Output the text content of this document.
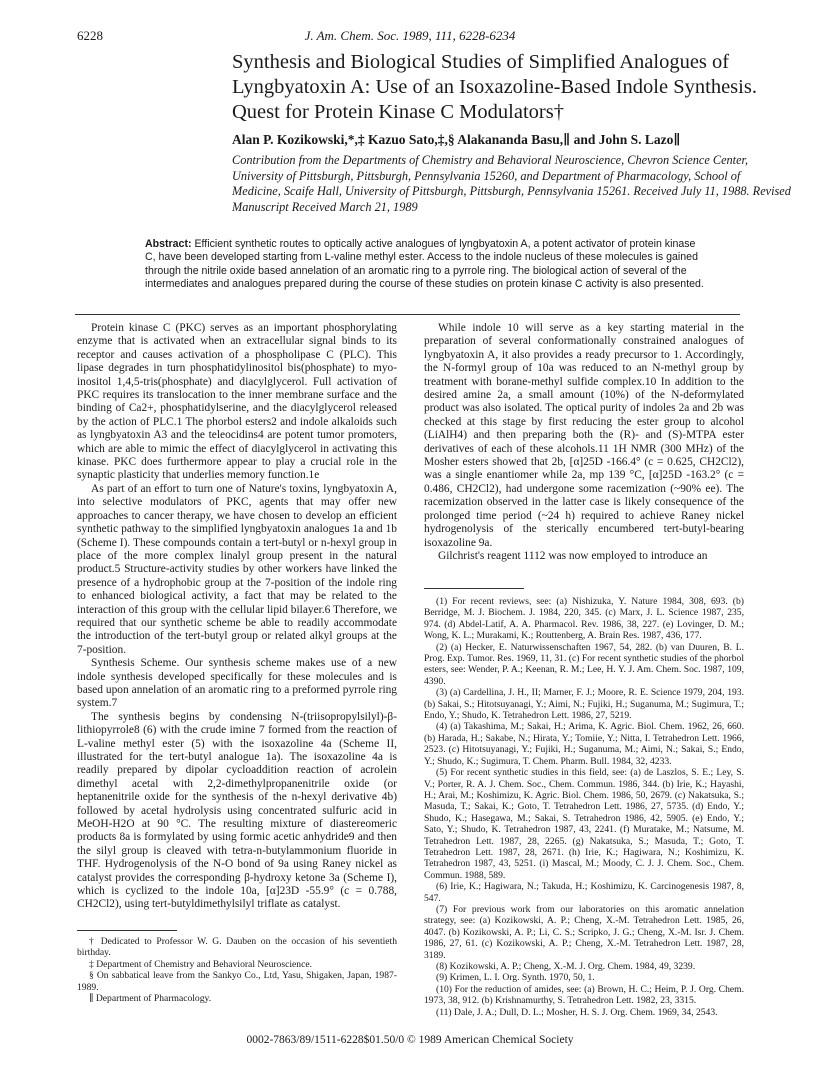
6228	J. Am. Chem. Soc. 1989, 111, 6228-6234
Synthesis and Biological Studies of Simplified Analogues of Lyngbyatoxin A: Use of an Isoxazoline-Based Indole Synthesis. Quest for Protein Kinase C Modulators†
Alan P. Kozikowski,*,‡ Kazuo Sato,‡,§ Alakananda Basu,∥ and John S. Lazo∥
Contribution from the Departments of Chemistry and Behavioral Neuroscience, Chevron Science Center, University of Pittsburgh, Pittsburgh, Pennsylvania 15260, and Department of Pharmacology, School of Medicine, Scaife Hall, University of Pittsburgh, Pittsburgh, Pennsylvania 15261. Received July 11, 1988. Revised Manuscript Received March 21, 1989
Abstract: Efficient synthetic routes to optically active analogues of lyngbyatoxin A, a potent activator of protein kinase C, have been developed starting from L-valine methyl ester. Access to the indole nucleus of these molecules is gained through the nitrile oxide based annelation of an aromatic ring to a pyrrole ring. The biological action of several of the intermediates and analogues prepared during the course of these studies on protein kinase C activity is also presented.

Protein kinase C (PKC) serves as an important phosphorylating enzyme that is activated when an extracellular signal binds to its receptor and causes activation of a phospholipase C (PLC). This lipase degrades in turn phosphatidylinositol bis(phosphate) to myo-inositol 1,4,5-tris(phosphate) and diacylglycerol. Full activation of PKC requires its translocation to the inner membrane surface and the binding of Ca2+, phosphatidylserine, and the diacylglycerol released by the action of PLC.1 The phorbol esters2 and indole alkaloids such as lyngbyatoxin A3 and the teleocidins4 are potent tumor promoters, which are able to mimic the effect of diacylglycerol in activating this kinase. PKC does furthermore appear to play a crucial role in the synaptic plasticity that underlies memory function.1e

As part of an effort to turn one of Nature's toxins, lyngbyatoxin A, into selective modulators of PKC, agents that may offer new approaches to cancer therapy, we have chosen to develop an efficient synthetic pathway to the simplified lyngbyatoxin analogues 1a and 1b (Scheme I). These compounds contain a tert-butyl or n-hexyl group in place of the more complex linalyl group present in the natural product.5 Structure-activity studies by other workers have linked the presence of a hydrophobic group at the 7-position of the indole ring to enhanced biological activity, a fact that may be related to the interaction of this group with the cellular lipid bilayer.6 Therefore, we required that our synthetic scheme be able to readily accommodate the introduction of the tert-butyl group or related alkyl groups at the 7-position.

Synthesis Scheme. Our synthesis scheme makes use of a new indole synthesis developed specifically for these molecules and is based upon annelation of an aromatic ring to a preformed pyrrole ring system.7

The synthesis begins by condensing N-(triisopropylsilyl)-β-lithiopyrrole8 (6) with the crude imine 7 formed from the reaction of L-valine methyl ester (5) with the isoxazoline 4a (Scheme II, illustrated for the tert-butyl analogue 1a). The isoxazoline 4a is readily prepared by dipolar cycloaddition reaction of acrolein dimethyl acetal with 2,2-dimethylpropanenitrile oxide (or heptanenitrile oxide for the synthesis of the n-hexyl derivative 4b) followed by acetal hydrolysis using concentrated sulfuric acid in MeOH-H2O at 90 °C. The resulting mixture of diastereomeric products 8a is formylated by using formic acetic anhydride9 and then the silyl group is cleaved with tetra-n-butylammonium fluoride in THF. Hydrogenolysis of the N-O bond of 9a using Raney nickel as catalyst provides the corresponding β-hydroxy ketone 3a (Scheme I), which is cyclized to the indole 10a, [α]23D -55.9° (c = 0.788, CH2Cl2), using tert-butyldimethylsilyl triflate as catalyst.

While indole 10 will serve as a key starting material in the preparation of several conformationally constrained analogues of lyngbyatoxin A, it also provides a ready precursor to 1. Accordingly, the N-formyl group of 10a was reduced to an N-methyl group by treatment with borane-methyl sulfide complex.10 In addition to the desired amine 2a, a small amount (10%) of the N-deformylated product was also isolated. The optical purity of indoles 2a and 2b was checked at this stage by first reducing the ester group to alcohol (LiAlH4) and then preparing both the (R)- and (S)-MTPA ester derivatives of each of these alcohols.11 1H NMR (300 MHz) of the Mosher esters showed that 2b, [α]25D -166.4° (c = 0.625, CH2Cl2), was a single enantiomer while 2a, mp 139 °C, [α]25D -163.2° (c = 0.486, CH2Cl2), had undergone some racemization (~90% ee). The racemization observed in the latter case is likely consequence of the prolonged time period (~24 h) required to achieve Raney nickel hydrogenolysis of the sterically encumbered tert-butyl-bearing isoxazoline 9a.

Gilchrist's reagent 1112 was now employed to introduce an

(1) For recent reviews, see: (a) Nishizuka, Y. Nature 1984, 308, 693. (b) Berridge, M. J. Biochem. J. 1984, 220, 345. (c) Marx, J. L. Science 1987, 235, 974. (d) Abdel-Latif, A. A. Pharmacol. Rev. 1986, 38, 227. (e) Lovinger, D. M.; Wong, K. L.; Murakami, K.; Routtenberg, A. Brain Res. 1987, 436, 177.

(2) (a) Hecker, E. Naturwissenschaften 1967, 54, 282. (b) van Duuren, B. L. Prog. Exp. Tumor. Res. 1969, 11, 31. (c) For recent synthetic studies of the phorbol esters, see: Wender, P. A.; Keenan, R. M.; Lee, H. Y. J. Am. Chem. Soc. 1987, 109, 4390.

(3) (a) Cardellina, J. H., II; Marner, F. J.; Moore, R. E. Science 1979, 204, 193. (b) Sakai, S.; Hitotsuyanagi, Y.; Aimi, N.; Fujiki, H.; Suganuma, M.; Sugimura, T.; Endo, Y.; Shudo, K. Tetrahedron Lett. 1986, 27, 5219.

(4) (a) Takashima, M.; Sakai, H.; Arima, K. Agric. Biol. Chem. 1962, 26, 660. (b) Harada, H.; Sakabe, N.; Hirata, Y.; Tomiie, Y.; Nitta, I. Tetrahedron Lett. 1966, 2523. (c) Hitotsuyanagi, Y.; Fujiki, H.; Suganuma, M.; Aimi, N.; Sakai, S.; Endo, Y.; Shudo, K.; Sugimura, T. Chem. Pharm. Bull. 1984, 32, 4233.

(5) For recent synthetic studies in this field, see: (a) de Laszlos, S. E.; Ley, S. V.; Porter, R. A. J. Chem. Soc., Chem. Commun. 1986, 344. (b) Irie, K.; Hayashi, H.; Arai, M.; Koshimizu, K. Agric. Biol. Chem. 1986, 50, 2679. (c) Nakatsuka, S.; Masuda, T.; Sakai, K.; Goto, T. Tetrahedron Lett. 1986, 27, 5735. (d) Endo, Y.; Shudo, K.; Hasegawa, M.; Sakai, S. Tetrahedron 1986, 42, 5905. (e) Endo, Y.; Sato, Y.; Shudo, K. Tetrahedron 1987, 43, 2241. (f) Muratake, M.; Natsume, M. Tetrahedron Lett. 1987, 28, 2265. (g) Nakatsuka, S.; Masuda, T.; Goto, T. Tetrahedron Lett. 1987, 28, 2671. (h) Irie, K.; Hagiwara, N.; Koshimizu, K. Tetrahedron 1987, 43, 5251. (i) Mascal, M.; Moody, C. J. J. Chem. Soc., Chem. Commun. 1988, 589.

(6) Irie, K.; Hagiwara, N.; Takuda, H.; Koshimizu, K. Carcinogenesis 1987, 8, 547.

(7) For previous work from our laboratories on this aromatic annelation strategy, see: (a) Kozikowski, A. P.; Cheng, X.-M. Tetrahedron Lett. 1985, 26, 4047. (b) Kozikowski, A. P.; Li, C. S.; Scripko, J. G.; Cheng, X.-M. Isr. J. Chem. 1986, 27, 61. (c) Kozikowski, A. P.; Cheng, X.-M. Tetrahedron Lett. 1987, 28, 3189.

(8) Kozikowski, A. P.; Cheng, X.-M. J. Org. Chem. 1984, 49, 3239.

(9) Krimen, L. I. Org. Synth. 1970, 50, 1.

(10) For the reduction of amides, see: (a) Brown, H. C.; Heim, P. J. Org. Chem. 1973, 38, 912. (b) Krishnamurthy, S. Tetrahedron Lett. 1982, 23, 3315.

(11) Dale, J. A.; Dull, D. L.; Mosher, H. S. J. Org. Chem. 1969, 34, 2543.

† Dedicated to Professor W. G. Dauben on the occasion of his seventieth birthday.

‡ Department of Chemistry and Behavioral Neuroscience.

§ On sabbatical leave from the Sankyo Co., Ltd, Yasu, Shigaken, Japan, 1987-1989.

∥ Department of Pharmacology.

0002-7863/89/1511-6228$01.50/0 © 1989 American Chemical Society
